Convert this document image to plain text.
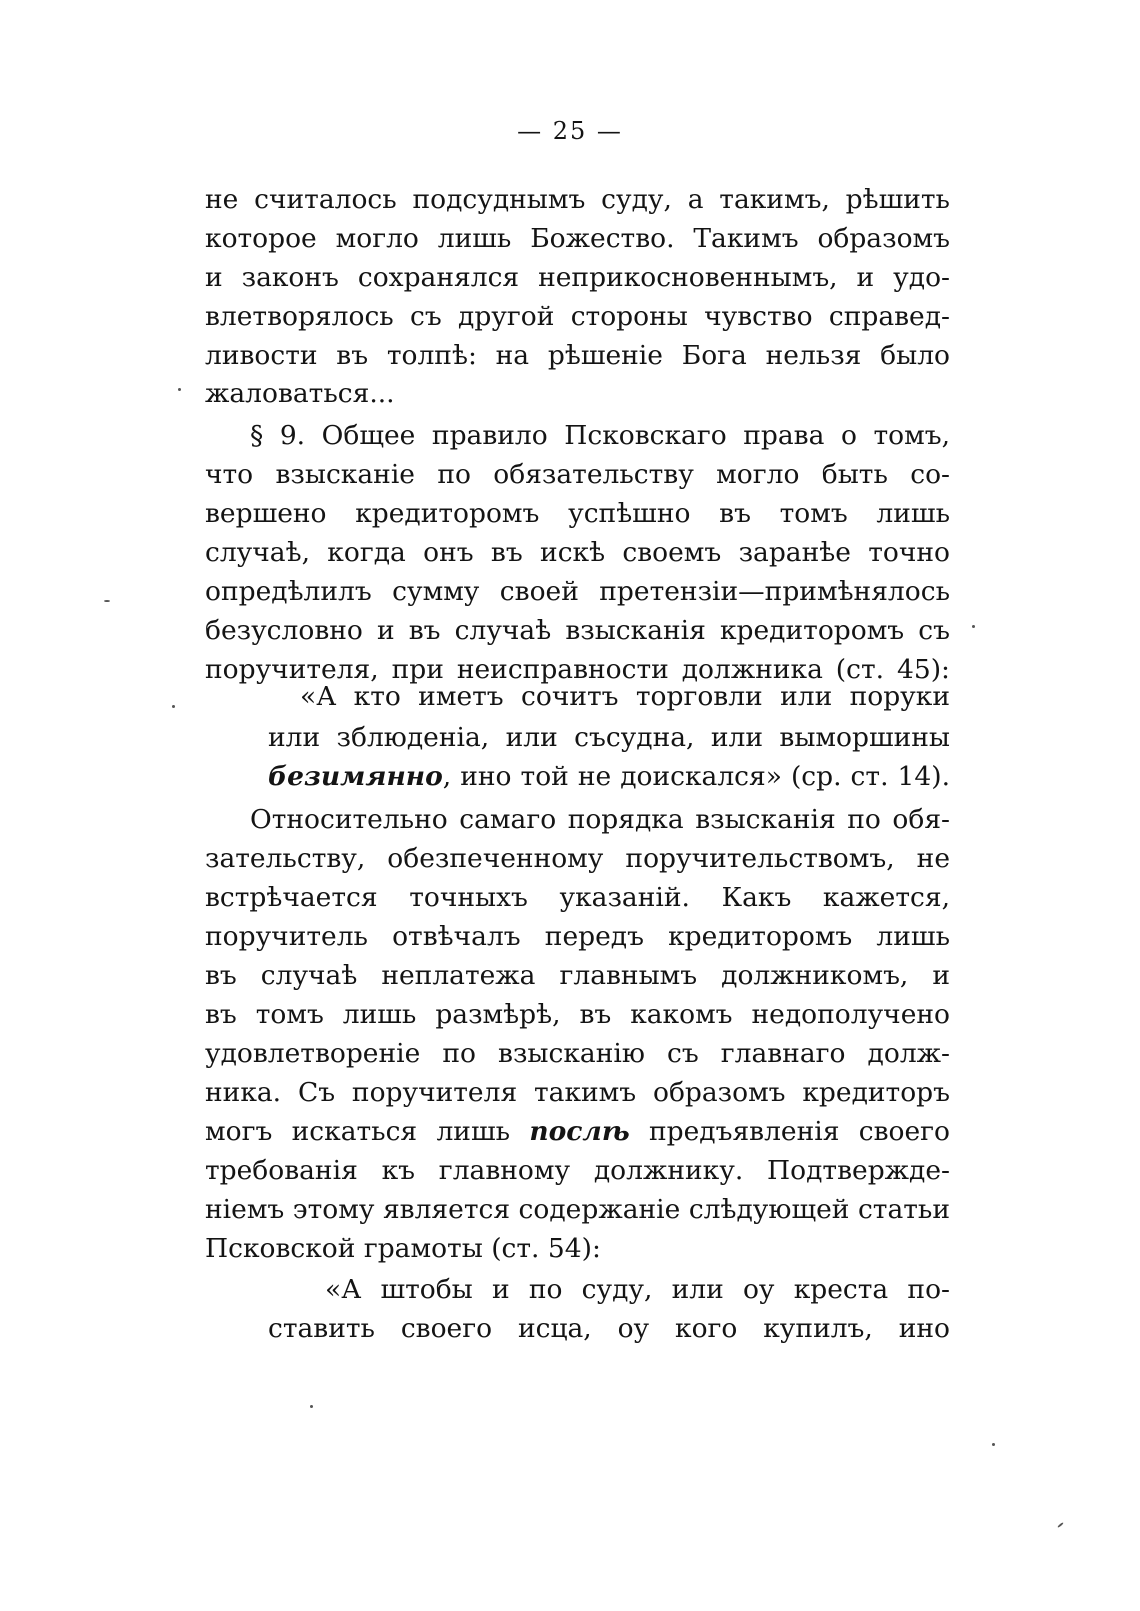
— 25 —
не считалось подсуднымъ суду, а такимъ, рѣшить
которое могло лишь Божество. Такимъ образомъ
и законъ сохранялся неприкосновеннымъ, и удо-
влетворялось съ другой стороны чувство справед-
ливости въ толпѣ: на рѣшеніе Бога нельзя было
жаловаться...
§ 9. Общее правило Псковскаго права о томъ,
что взысканіе по обязательству могло быть со-
вершено кредиторомъ успѣшно въ томъ лишь
случаѣ, когда онъ въ искѣ своемъ заранѣе точно
опредѣлилъ сумму своей претензіи—примѣнялось
безусловно и въ случаѣ взысканія кредиторомъ съ
поручителя, при неисправности должника (ст. 45):
«А кто иметъ сочитъ торговли или поруки
или зблюденіа, или съсудна, или выморшины
безимянно, ино той не доискался» (ср. ст. 14).
Относительно самаго порядка взысканія по обя-
зательству, обезпеченному поручительствомъ, не
встрѣчается точныхъ указаній. Какъ кажется,
поручитель отвѣчалъ передъ кредиторомъ лишь
въ случаѣ неплатежа главнымъ должникомъ, и
въ томъ лишь размѣрѣ, въ какомъ недополучено
удовлетвореніе по взысканію съ главнаго долж-
ника. Съ поручителя такимъ образомъ кредиторъ
могъ искаться лишь послѣ предъявленія своего
требованія къ главному должнику. Подтвержде-
ніемъ этому является содержаніе слѣдующей статьи
Псковской грамоты (ст. 54):
«А штобы и по суду, или оу креста по-
ставить своего исца, оу кого купилъ, ино
